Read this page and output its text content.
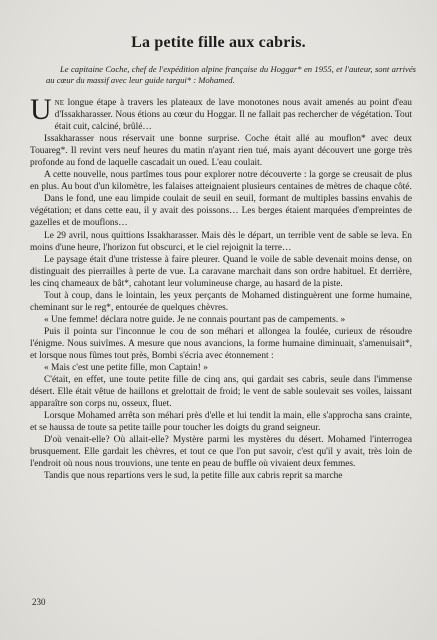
La petite fille aux cabris.
Le capitaine Coche, chef de l'expédition alpine française du Hoggar* en 1955, et l'auteur, sont arrivés au cœur du massif avec leur guide targui* : Mohamed.

Une longue étape à travers les plateaux de lave monotones nous avait amenés au point d'eau d'Issakharasser. Nous étions au cœur du Hoggar. Il ne fallait pas rechercher de végétation. Tout était cuit, calciné, brûlé…

Issakharasser nous réservait une bonne surprise. Coche était allé au mouflon* avec deux Touareg*. Il revint vers neuf heures du matin n'ayant rien tué, mais ayant découvert une gorge très profonde au fond de laquelle cascadait un oued. L'eau coulait.

A cette nouvelle, nous partîmes tous pour explorer notre découverte : la gorge se creusait de plus en plus. Au bout d'un kilomètre, les falaises atteignaient plusieurs centaines de mètres de chaque côté.

Dans le fond, une eau limpide coulait de seuil en seuil, formant de multiples bassins envahis de végétation; et dans cette eau, il y avait des poissons… Les berges étaient marquées d'empreintes de gazelles et de mouflons…

Le 29 avril, nous quittions Issakharasser. Mais dès le départ, un terrible vent de sable se leva. En moins d'une heure, l'horizon fut obscurci, et le ciel rejoignit la terre…

Le paysage était d'une tristesse à faire pleurer. Quand le voile de sable devenait moins dense, on distinguait des pierrailles à perte de vue. La caravane marchait dans son ordre habituel. Et derrière, les cinq chameaux de bât*, cahotant leur volumineuse charge, au hasard de la piste.

Tout à coup, dans le lointain, les yeux perçants de Mohamed distinguèrent une forme humaine, cheminant sur le reg*, entourée de quelques chèvres.

« Une femme! déclara notre guide. Je ne connais pourtant pas de campements. »

Puis il pointa sur l'inconnue le cou de son méhari et allongea la foulée, curieux de résoudre l'énigme. Nous suivîmes. A mesure que nous avancions, la forme humaine diminuait, s'amenuisait*, et lorsque nous fûmes tout près, Bombi s'écria avec étonnement :

« Mais c'est une petite fille, mon Captain! »

C'était, en effet, une toute petite fille de cinq ans, qui gardait ses cabris, seule dans l'immense désert. Elle était vêtue de haillons et grelottait de froid; le vent de sable soulevait ses voiles, laissant apparaître son corps nu, osseux, fluet.

Lorsque Mohamed arrêta son méhari près d'elle et lui tendit la main, elle s'approcha sans crainte, et se haussa de toute sa petite taille pour toucher les doigts du grand seigneur.

D'où venait-elle? Où allait-elle? Mystère parmi les mystères du désert. Mohamed l'interrogea brusquement. Elle gardait les chèvres, et tout ce que l'on put savoir, c'est qu'il y avait, très loin de l'endroit où nous nous trouvions, une tente en peau de buffle où vivaient deux femmes.

Tandis que nous repartions vers le sud, la petite fille aux cabris reprit sa marche

230
